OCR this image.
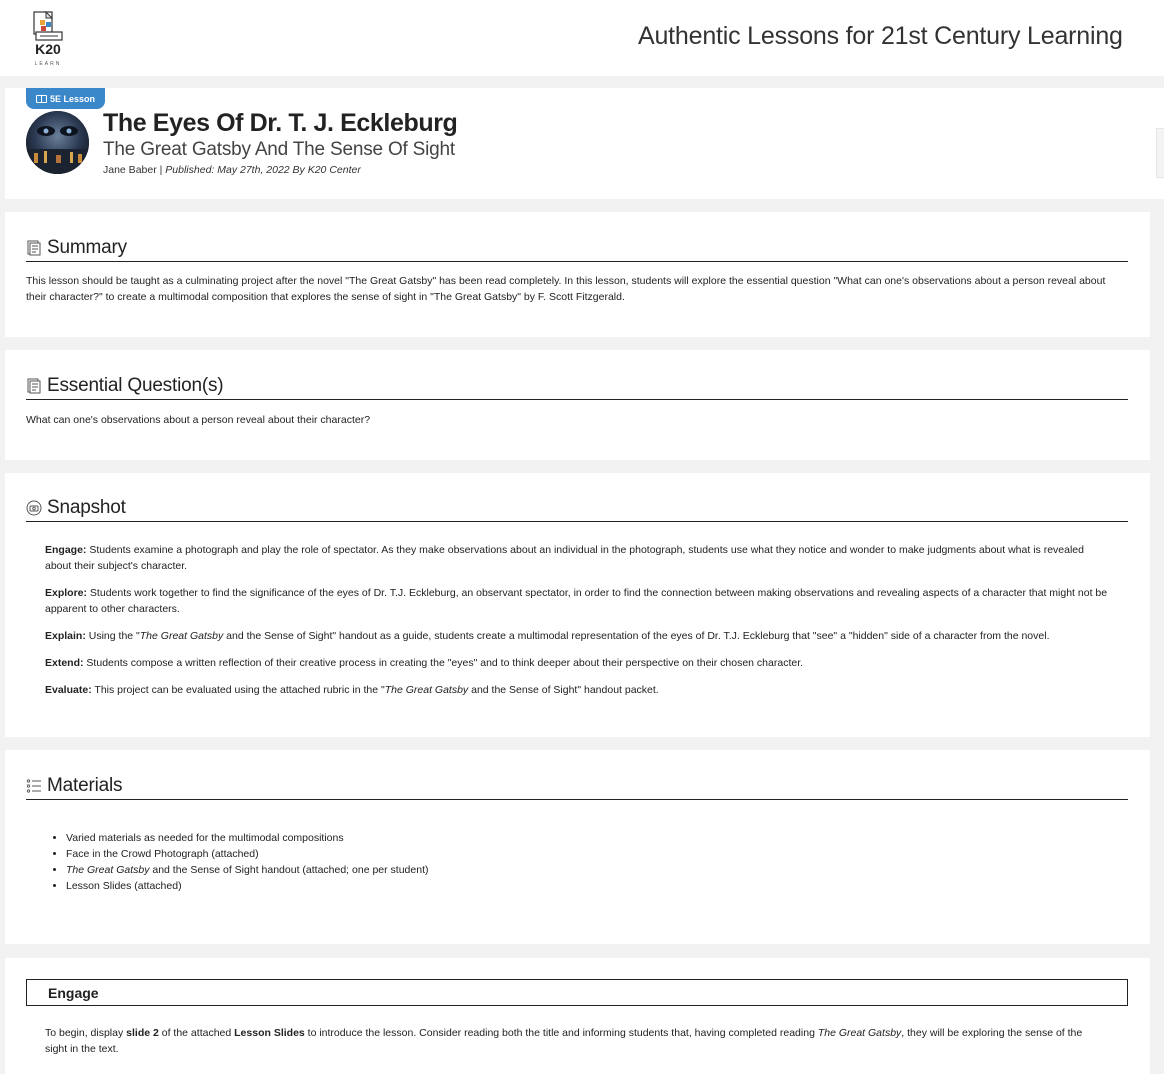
K20
LEARN
Authentic Lessons for 21st Century Learning
5E Lesson
The Eyes Of Dr. T. J. Eckleburg
The Great Gatsby And The Sense Of Sight
Jane Baber | Published: May 27th, 2022 By K20 Center
Summary
This lesson should be taught as a culminating project after the novel "The Great Gatsby" has been read completely. In this lesson, students will explore the essential question "What can one's observations about a person reveal about their character?" to create a multimodal composition that explores the sense of sight in "The Great Gatsby" by F. Scott Fitzgerald.
Essential Question(s)
What can one's observations about a person reveal about their character?
Snapshot

Engage: Students examine a photograph and play the role of spectator. As they make observations about an individual in the photograph, students use what they notice and wonder to make judgments about what is revealed about their subject's character.

Explore: Students work together to find the significance of the eyes of Dr. T.J. Eckleburg, an observant spectator, in order to find the connection between making observations and revealing aspects of a character that might not be apparent to other characters.

Explain: Using the "The Great Gatsby and the Sense of Sight" handout as a guide, students create a multimodal representation of the eyes of Dr. T.J. Eckleburg that "see" a "hidden" side of a character from the novel.

Extend: Students compose a written reflection of their creative process in creating the "eyes" and to think deeper about their perspective on their chosen character.

Evaluate: This project can be evaluated using the attached rubric in the "The Great Gatsby and the Sense of Sight" handout packet.

Materials
• Varied materials as needed for the multimodal compositions
• Face in the Crowd Photograph (attached)
• The Great Gatsby and the Sense of Sight handout (attached; one per student)
• Lesson Slides (attached)
Engage
To begin, display slide 2 of the attached Lesson Slides to introduce the lesson. Consider reading both the title and informing students that, having completed reading The Great Gatsby, they will be exploring the sense of the sight in the text.
